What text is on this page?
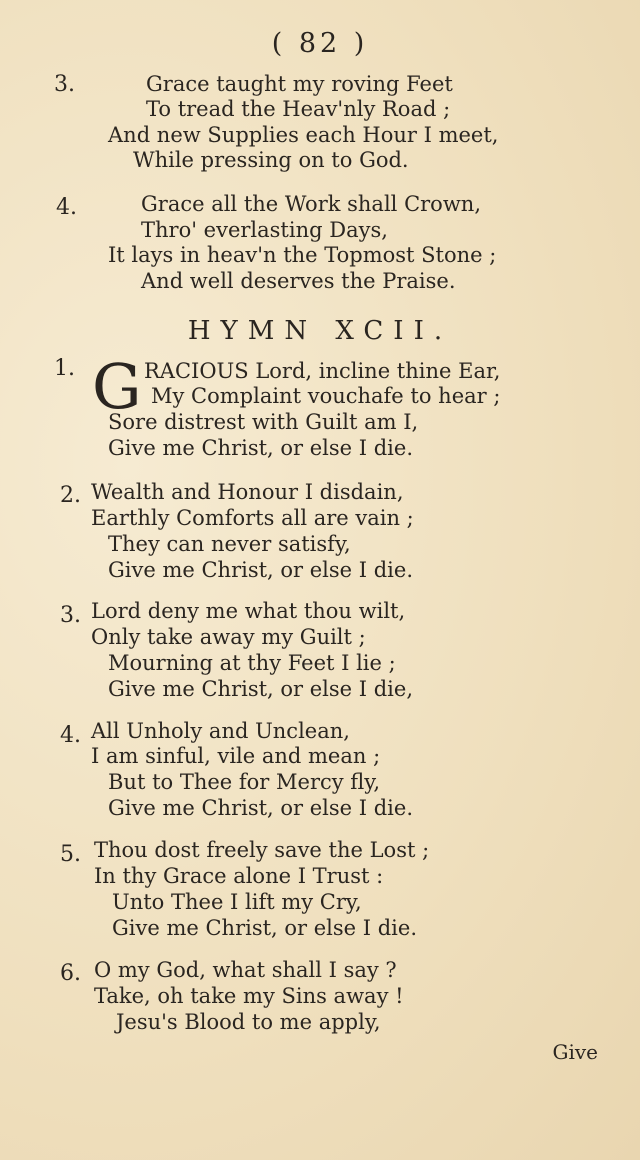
( 82 )
3.	Grace taught my roving Feet
To tread the Heav'nly Road ;
And new Supplies each Hour I meet,
While pressing on to God.
4.	Grace all the Work shall Crown,
Thro' everlasting Days,
It lays in heav'n the Topmost Stone ;
And well deserves the Praise.
HYMN XCII.
1. G RACIOUS Lord, incline thine Ear,
My Complaint vouchafe to hear ;
Sore distrest with Guilt am I,
Give me Christ, or else I die.
2. Wealth and Honour I disdain,
Earthly Comforts all are vain ;
They can never satisfy,
Give me Christ, or else I die.
3. Lord deny me what thou wilt,
Only take away my Guilt ;
Mourning at thy Feet I lie ;
Give me Christ, or else I die,
4. All Unholy and Unclean,
I am sinful, vile and mean ;
But to Thee for Mercy fly,
Give me Christ, or else I die.
5. Thou dost freely save the Lost ;
In thy Grace alone I Trust :
Unto Thee I lift my Cry,
Give me Christ, or else I die.
6. O my God, what shall I say ?
Take, oh take my Sins away !
Jesu's Blood to me apply,
Give
